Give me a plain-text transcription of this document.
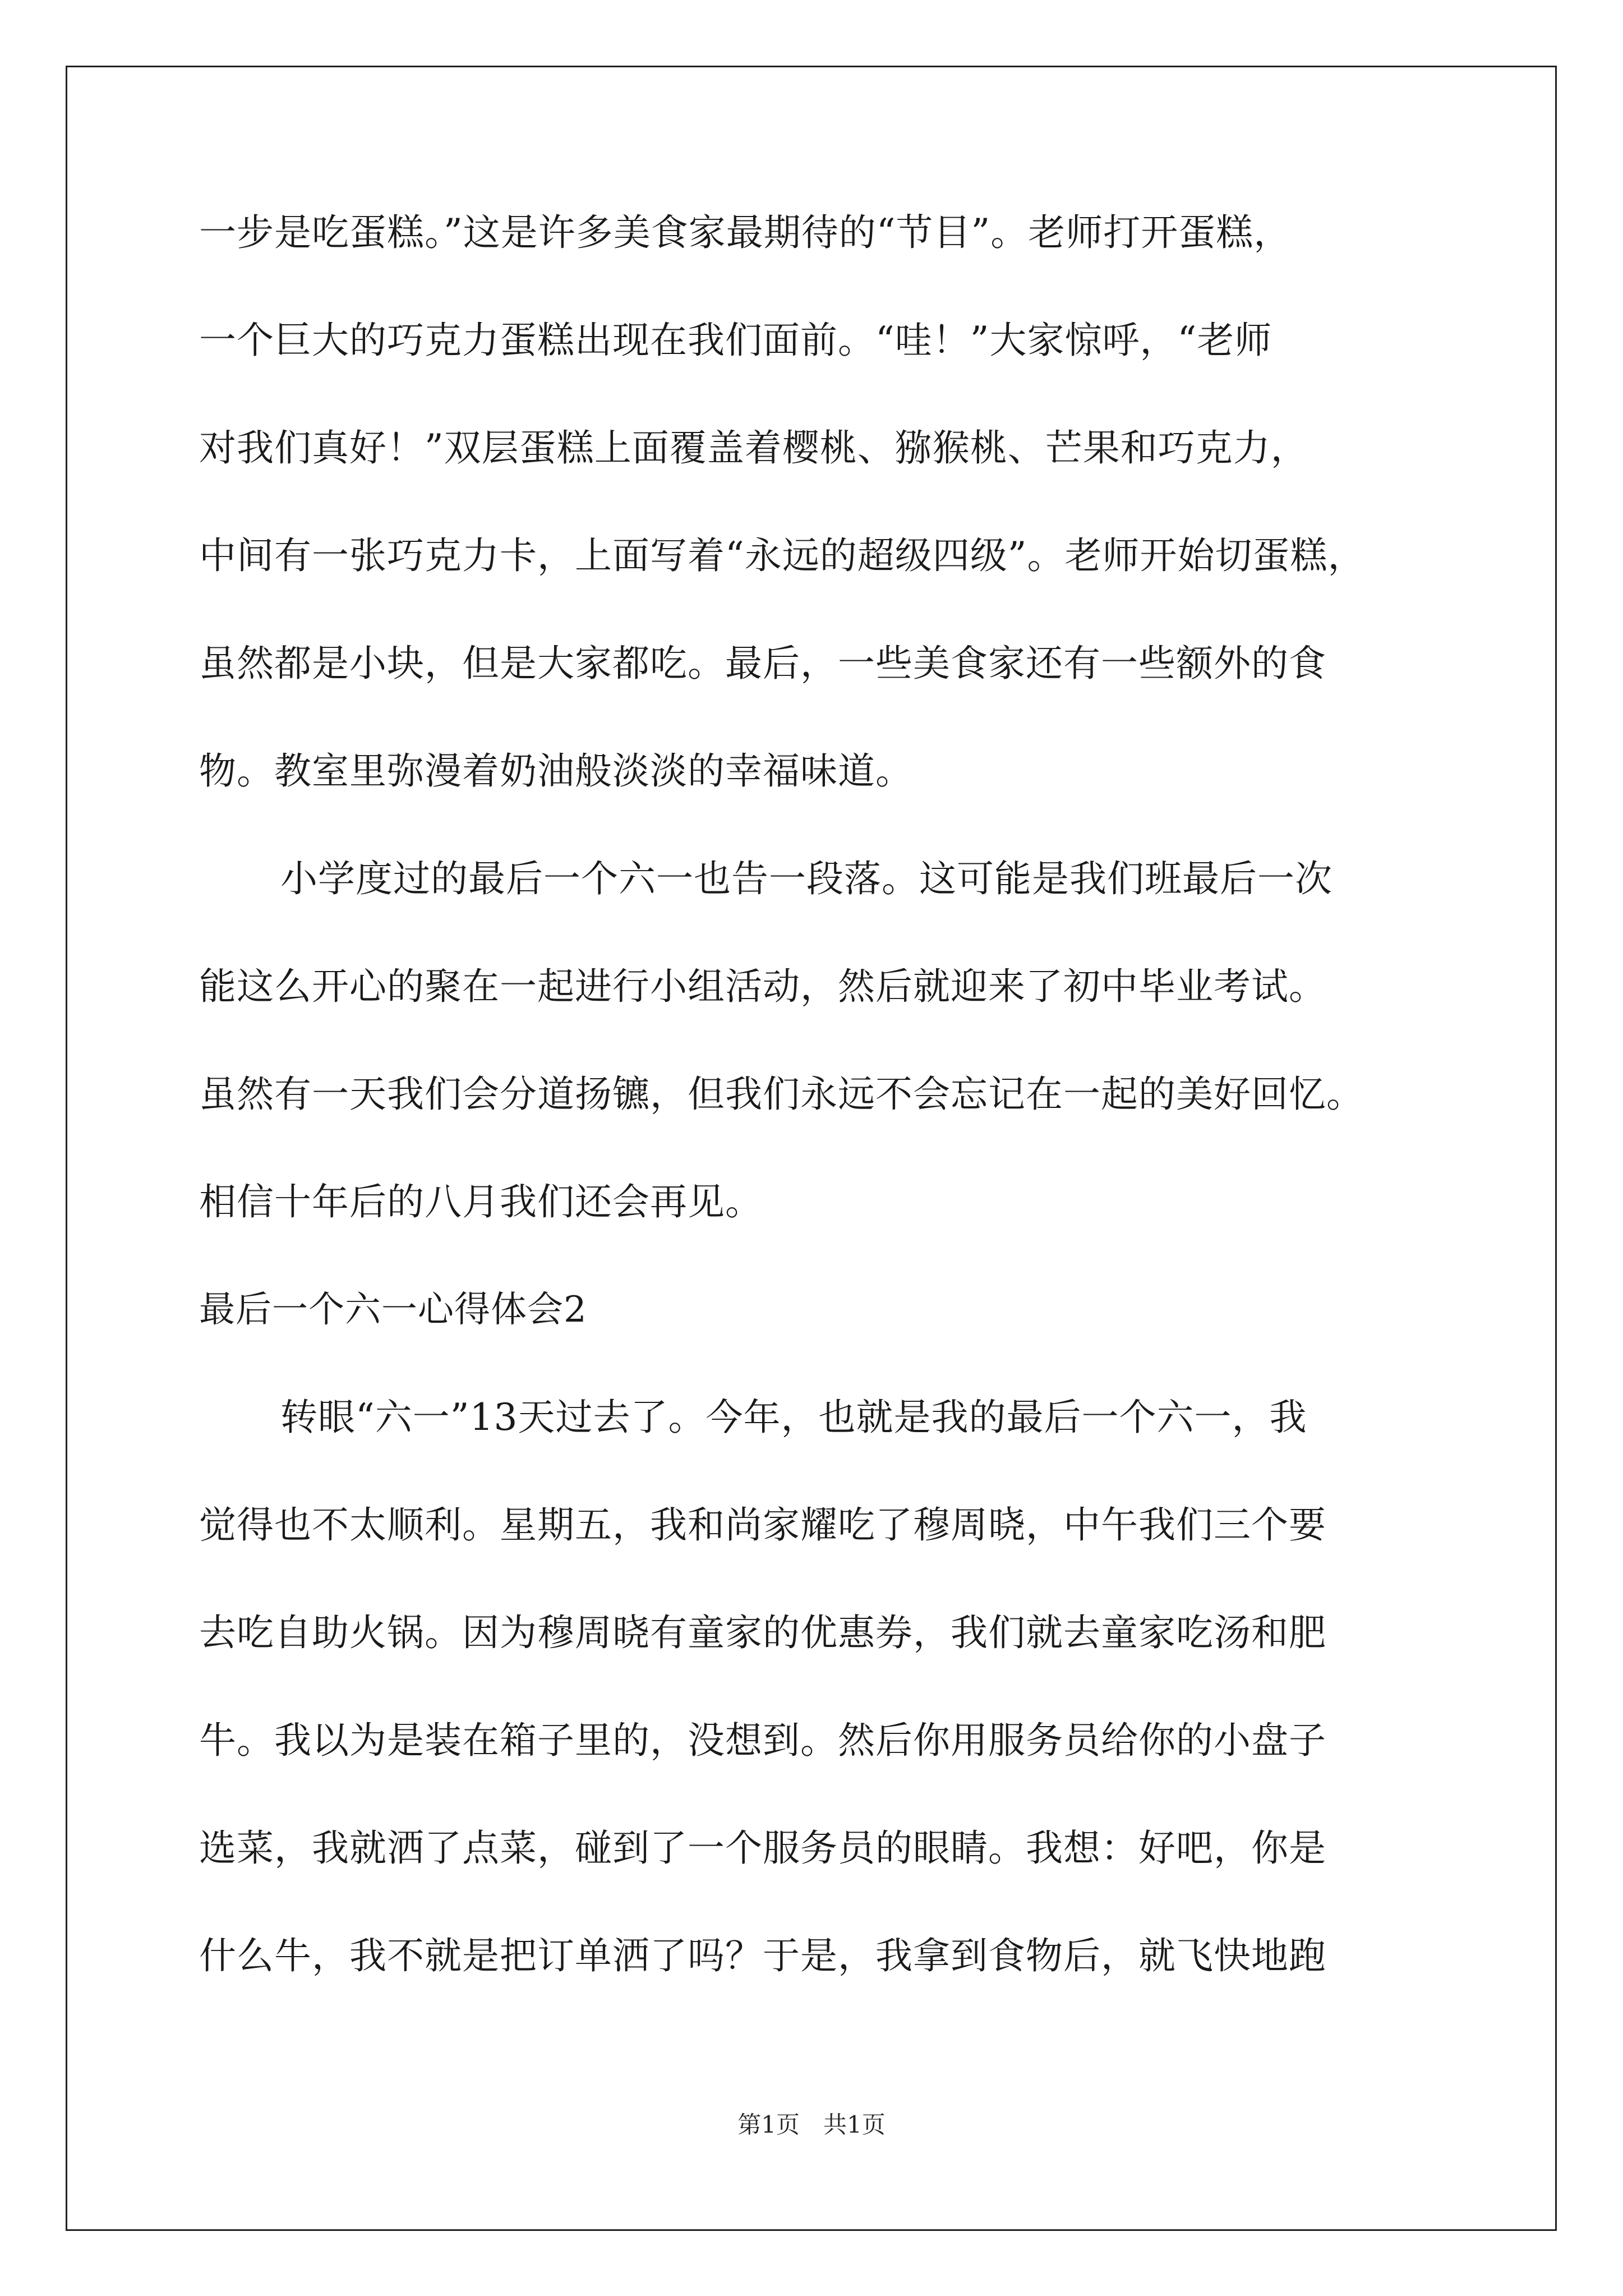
一步是吃蛋糕。”这是许多美食家最期待的“节目”。老师打开蛋糕，
一个巨大的巧克力蛋糕出现在我们面前。“哇！”大家惊呼，“老师
对我们真好！”双层蛋糕上面覆盖着樱桃、猕猴桃、芒果和巧克力，
中间有一张巧克力卡，上面写着“永远的超级四级”。老师开始切蛋糕，
虽然都是小块，但是大家都吃。最后，一些美食家还有一些额外的食
物。教室里弥漫着奶油般淡淡的幸福味道。
小学度过的最后一个六一也告一段落。这可能是我们班最后一次
能这么开心的聚在一起进行小组活动，然后就迎来了初中毕业考试。
虽然有一天我们会分道扬镳，但我们永远不会忘记在一起的美好回忆。
相信十年后的八月我们还会再见。
最后一个六一心得体会2
转眼“六一”13天过去了。今年，也就是我的最后一个六一，我
觉得也不太顺利。星期五，我和尚家耀吃了穆周晓，中午我们三个要
去吃自助火锅。因为穆周晓有童家的优惠券，我们就去童家吃汤和肥
牛。我以为是装在箱子里的，没想到。然后你用服务员给你的小盘子
选菜，我就洒了点菜，碰到了一个服务员的眼睛。我想：好吧，你是
什么牛，我不就是把订单洒了吗？于是，我拿到食物后，就飞快地跑
第1页　共1页
